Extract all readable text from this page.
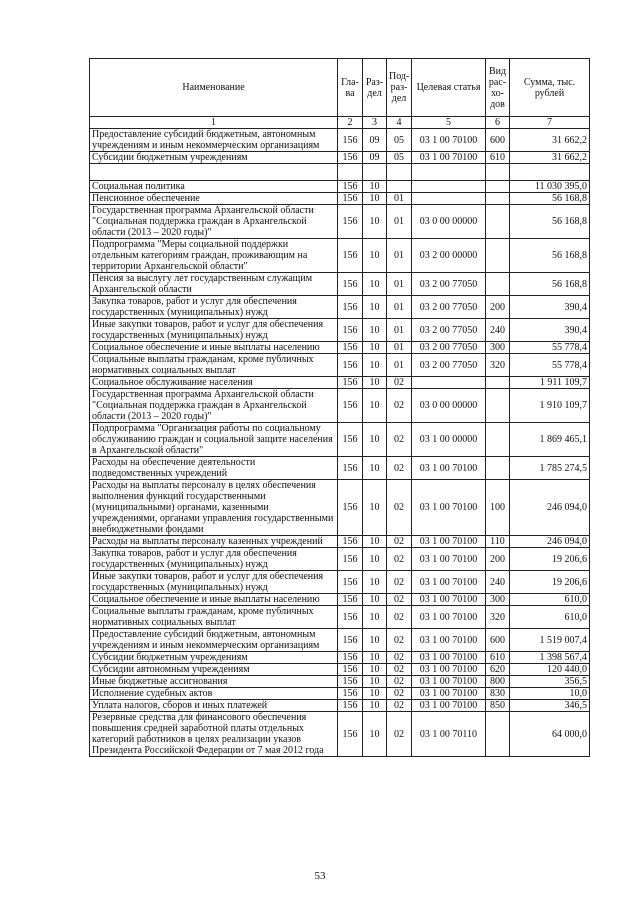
Наименование	Гла-ва	Раз-дел	Под-раз-дел	Целевая статья	Вид рас-хо-дов	Сумма, тыс. рублей
1	2	3	4	5	6	7
Предоставление субсидий бюджетным, автономным учреждениям и иным некоммерческим организациям	156	09	05	03 1 00 70100	600	31 662,2
Субсидии бюджетным учреждениям	156	09	05	03 1 00 70100	610	31 662,2

Социальная политика	156	10				11 030 395,0
Пенсионное обеспечение	156	10	01			56 168,8
Государственная программа Архангельской области "Социальная поддержка граждан в Архангельской области (2013 – 2020 годы)"	156	10	01	03 0 00 00000		56 168,8
Подпрограмма "Меры социальной поддержки отдельным категориям граждан, проживающим на территории Архангельской области"	156	10	01	03 2 00 00000		56 168,8
Пенсия за выслугу лет государственным служащим Архангельской области	156	10	01	03 2 00 77050		56 168,8
Закупка товаров, работ и услуг для обеспечения государственных (муниципальных) нужд	156	10	01	03 2 00 77050	200	390,4
Иные закупки товаров, работ и услуг для обеспечения государственных (муниципальных) нужд	156	10	01	03 2 00 77050	240	390,4
Социальное обеспечение и иные выплаты населению	156	10	01	03 2 00 77050	300	55 778,4
Социальные выплаты гражданам, кроме публичных нормативных социальных выплат	156	10	01	03 2 00 77050	320	55 778,4
Социальное обслуживание населения	156	10	02			1 911 109,7
Государственная программа Архангельской области "Социальная поддержка граждан в Архангельской области (2013 – 2020 годы)"	156	10	02	03 0 00 00000		1 910 109,7
Подпрограмма "Организация работы по социальному обслуживанию граждан и социальной защите населения в Архангельской области"	156	10	02	03 1 00 00000		1 869 465,1
Расходы на обеспечение деятельности подведомственных учреждений	156	10	02	03 1 00 70100		1 785 274,5
Расходы на выплаты персоналу в целях обеспечения выполнения функций государственными (муниципальными) органами, казенными учреждениями, органами управления государственными внебюджетными фондами	156	10	02	03 1 00 70100	100	246 094,0
Расходы на выплаты персоналу казенных учреждений	156	10	02	03 1 00 70100	110	246 094,0
Закупка товаров, работ и услуг для обеспечения государственных (муниципальных) нужд	156	10	02	03 1 00 70100	200	19 206,6
Иные закупки товаров, работ и услуг для обеспечения государственных (муниципальных) нужд	156	10	02	03 1 00 70100	240	19 206,6
Социальное обеспечение и иные выплаты населению	156	10	02	03 1 00 70100	300	610,0
Социальные выплаты гражданам, кроме публичных нормативных социальных выплат	156	10	02	03 1 00 70100	320	610,0
Предоставление субсидий бюджетным, автономным учреждениям и иным некоммерческим организациям	156	10	02	03 1 00 70100	600	1 519 007,4
Субсидии бюджетным учреждениям	156	10	02	03 1 00 70100	610	1 398 567,4
Субсидии автономным учреждениям	156	10	02	03 1 00 70100	620	120 440,0
Иные бюджетные ассигнования	156	10	02	03 1 00 70100	800	356,5
Исполнение судебных актов	156	10	02	03 1 00 70100	830	10,0
Уплата налогов, сборов и иных платежей	156	10	02	03 1 00 70100	850	346,5
Резервные средства для финансового обеспечения повышения средней заработной платы отдельных категорий работников в целях реализации указов Президента Российской Федерации от 7 мая 2012 года	156	10	02	03 1 00 70110		64 000,0
53
